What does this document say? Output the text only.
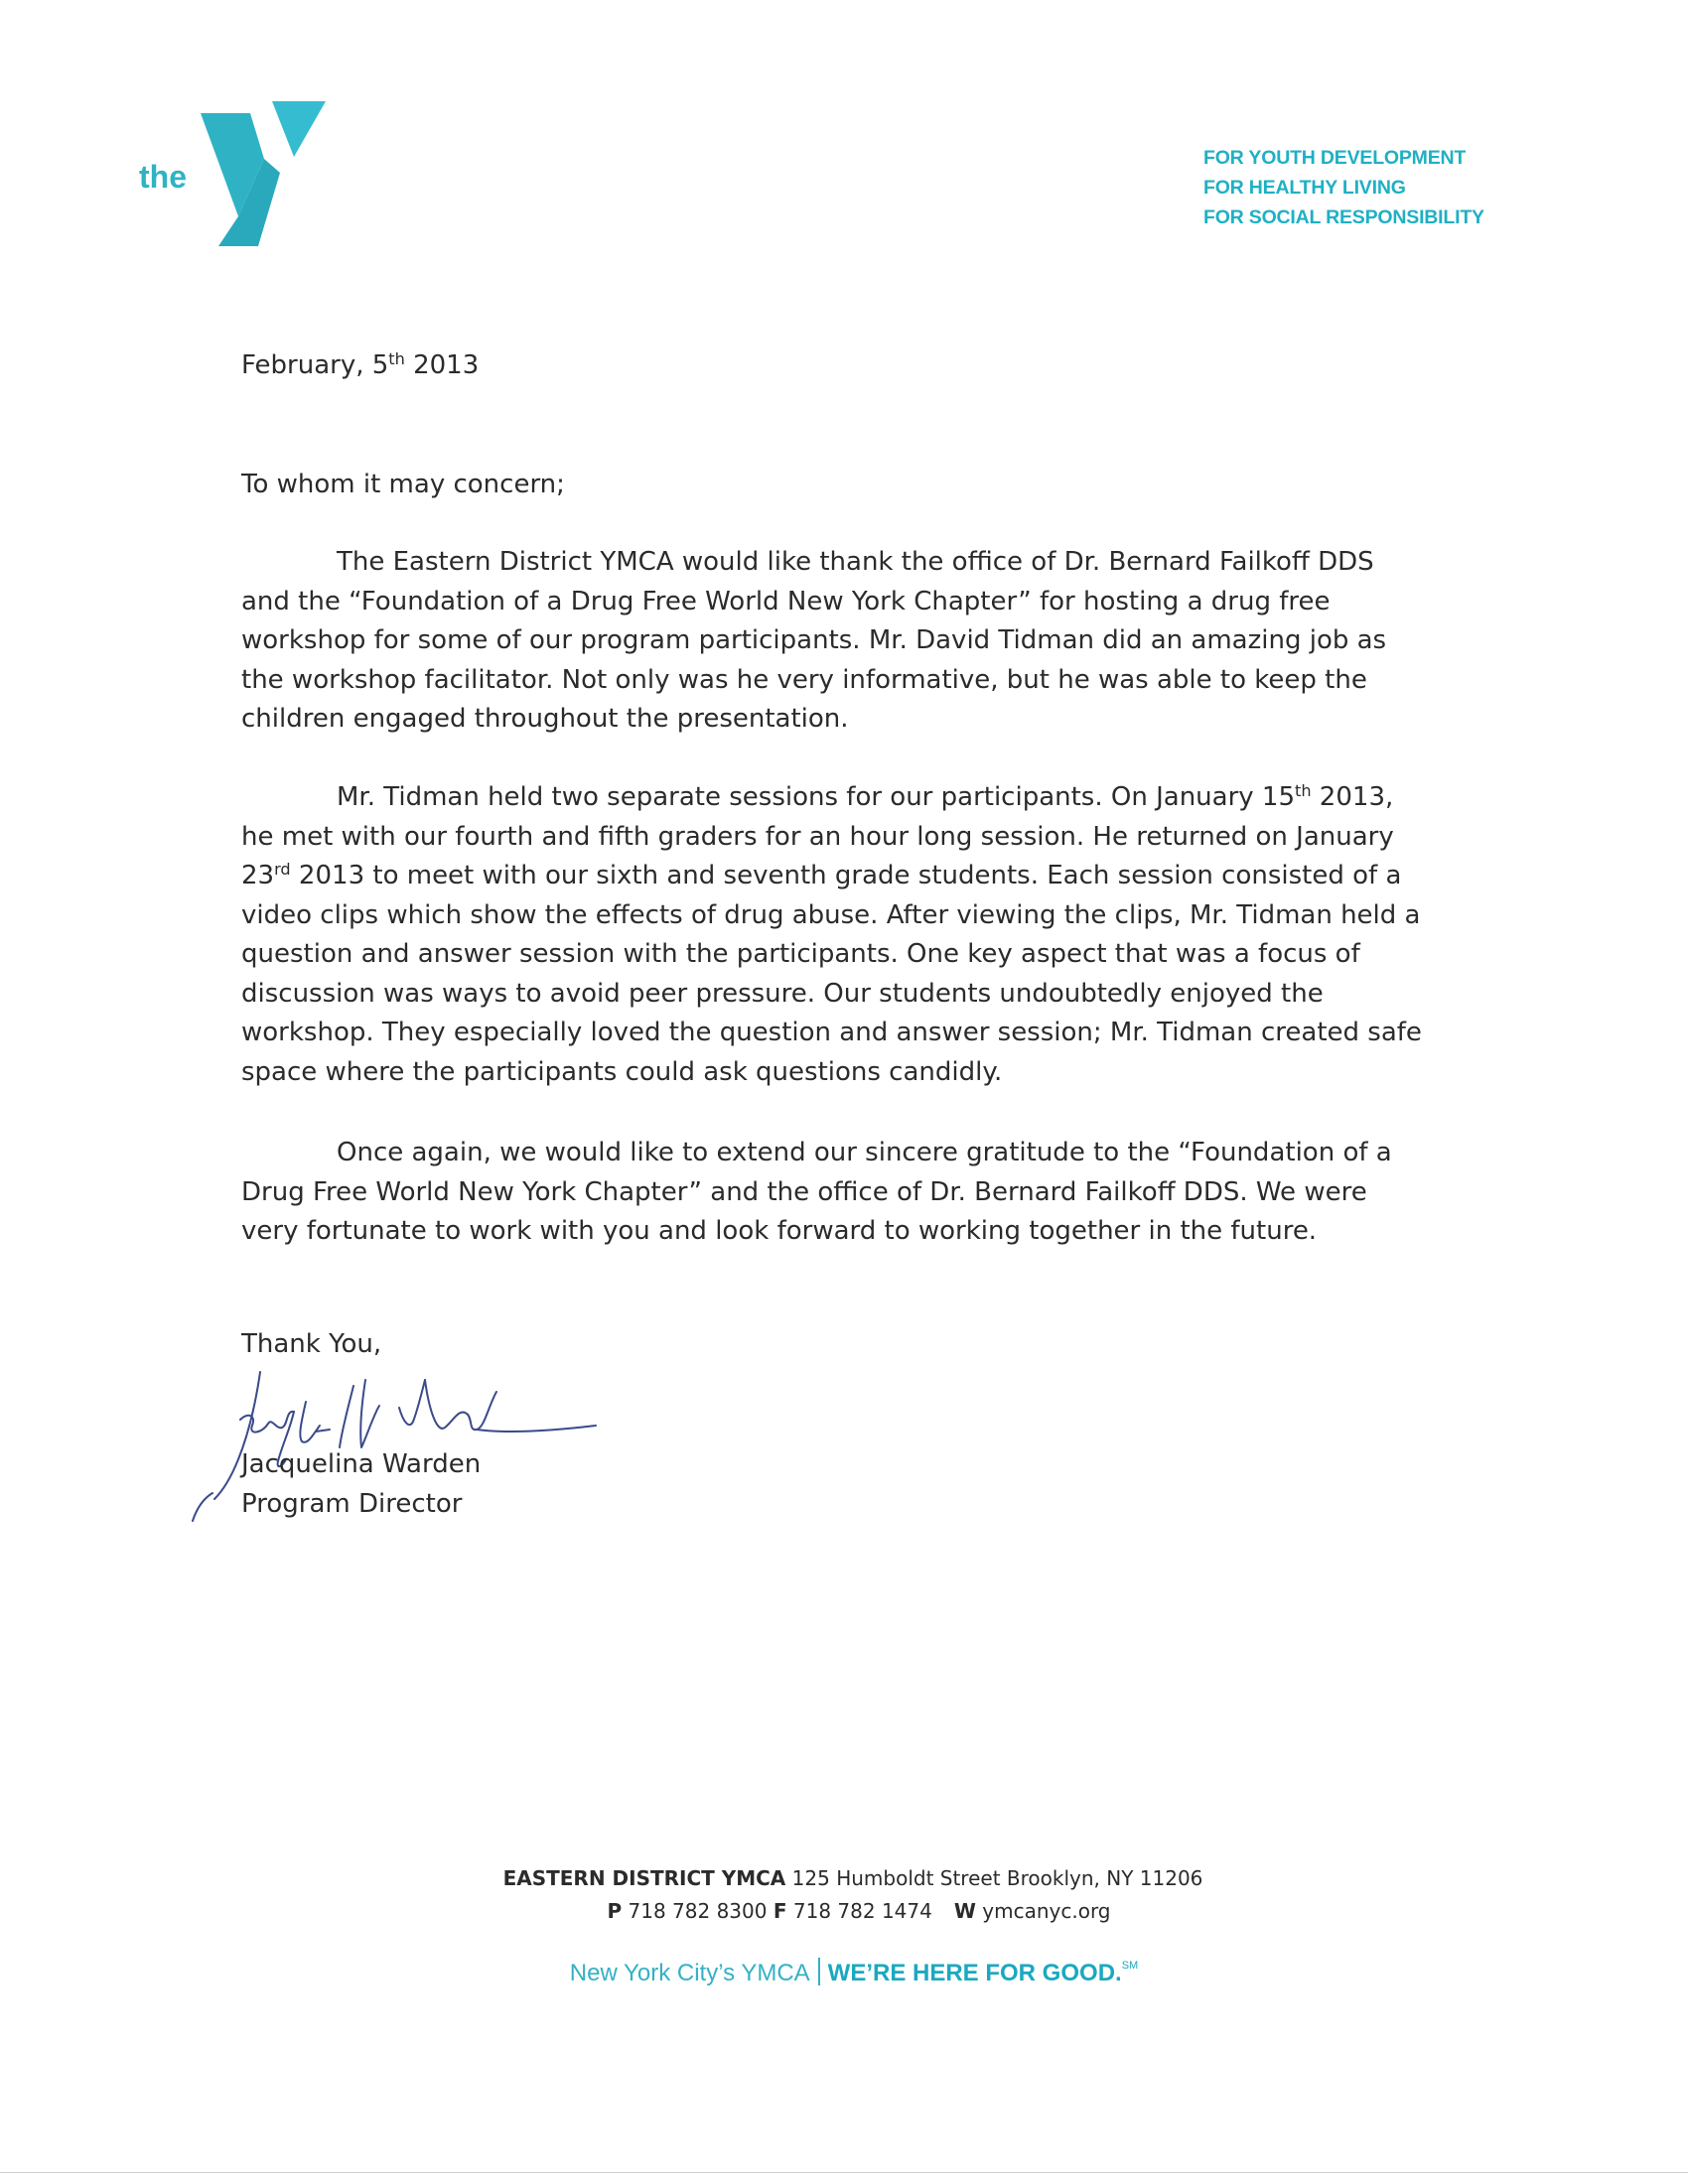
the
FOR YOUTH DEVELOPMENT
FOR HEALTHY LIVING
FOR SOCIAL RESPONSIBILITY
February, 5th 2013
To whom it may concern;
The Eastern District YMCA would like thank the office of Dr. Bernard Failkoff DDS
and the “Foundation of a Drug Free World New York Chapter” for hosting a drug free
workshop for some of our program participants. Mr. David Tidman did an amazing job as
the workshop facilitator. Not only was he very informative, but he was able to keep the
children engaged throughout the presentation.
Mr. Tidman held two separate sessions for our participants. On January 15th 2013,
he met with our fourth and fifth graders for an hour long session. He returned on January
23rd 2013 to meet with our sixth and seventh grade students. Each session consisted of a
video clips which show the effects of drug abuse. After viewing the clips, Mr. Tidman held a
question and answer session with the participants. One key aspect that was a focus of
discussion was ways to avoid peer pressure. Our students undoubtedly enjoyed the
workshop. They especially loved the question and answer session; Mr. Tidman created safe
space where the participants could ask questions candidly.
Once again, we would like to extend our sincere gratitude to the “Foundation of a
Drug Free World New York Chapter” and the office of Dr. Bernard Failkoff DDS. We were
very fortunate to work with you and look forward to working together in the future.
Thank You,
Jacquelina Warden
Program Director
EASTERN DISTRICT YMCA 125 Humboldt Street Brooklyn, NY 11206
P 718 782 8300 F 718 782 1474 W ymcanyc.org
New York City’s YMCA WE’RE HERE FOR GOOD.℠
